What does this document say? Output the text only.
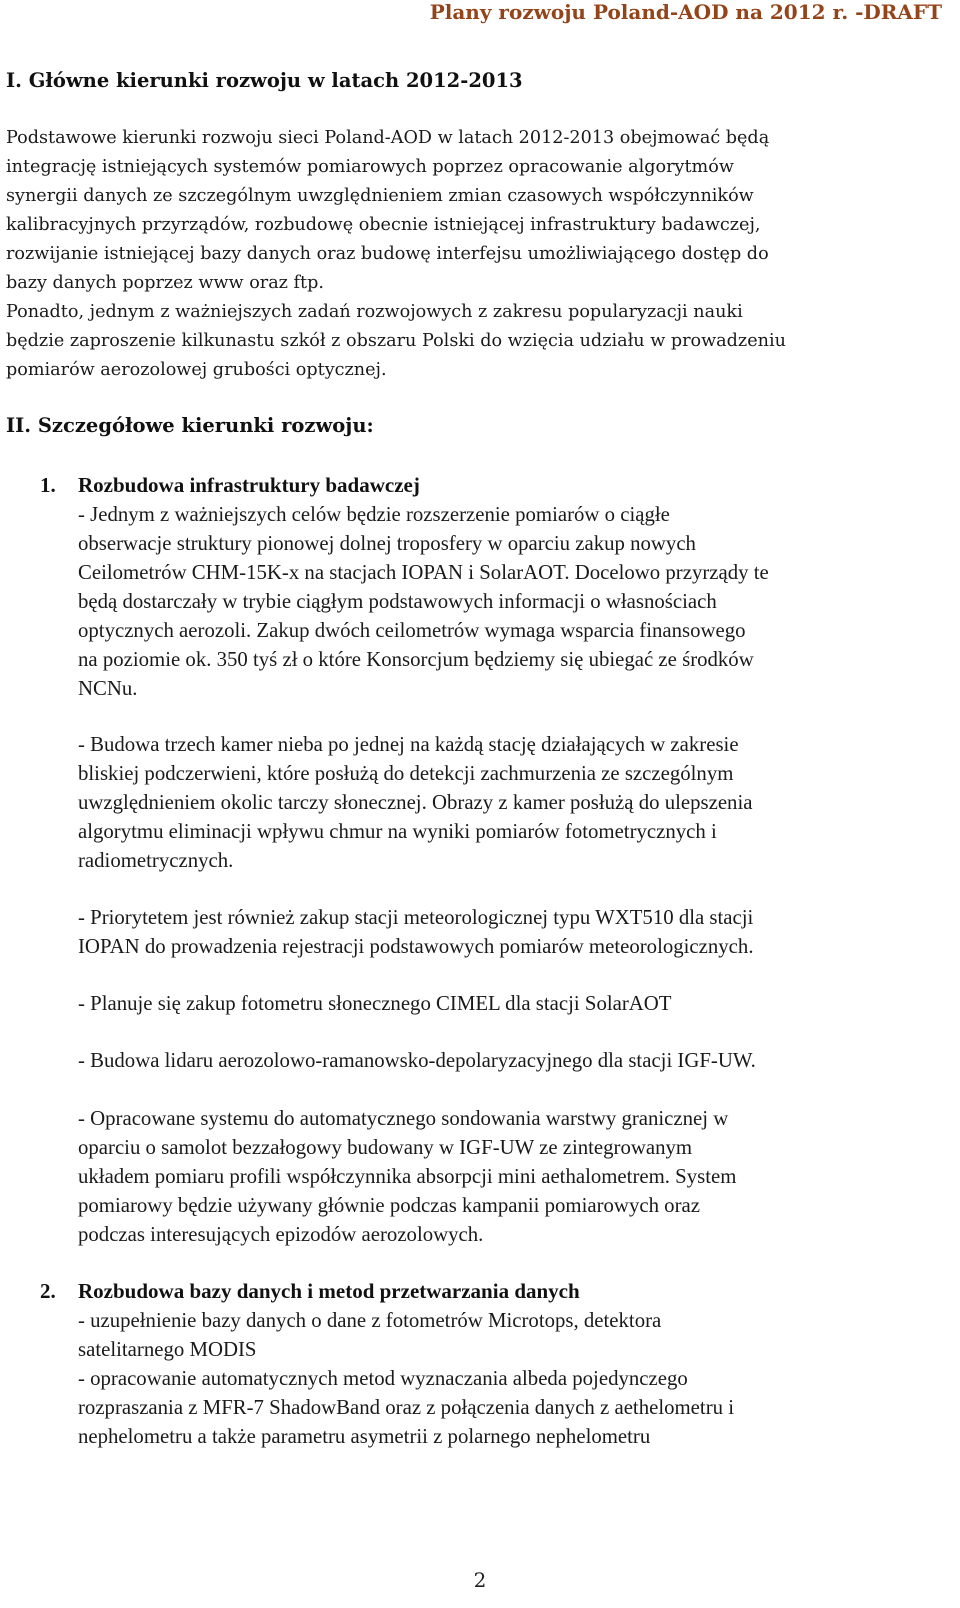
Plany rozwoju Poland-AOD na 2012 r. -DRAFT
I. Główne kierunki rozwoju w latach 2012-2013
Podstawowe kierunki rozwoju sieci Poland-AOD w latach 2012-2013 obejmować będą
integrację istniejących systemów pomiarowych poprzez opracowanie algorytmów
synergii danych ze szczególnym uwzględnieniem zmian czasowych współczynników
kalibracyjnych przyrządów, rozbudowę obecnie istniejącej infrastruktury badawczej,
rozwijanie istniejącej bazy danych oraz budowę interfejsu umożliwiającego dostęp do
bazy danych poprzez www oraz ftp.
Ponadto, jednym z ważniejszych zadań rozwojowych z zakresu popularyzacji nauki
będzie zaproszenie kilkunastu szkół z obszaru Polski do wzięcia udziału w prowadzeniu
pomiarów aerozolowej grubości optycznej.
II. Szczegółowe kierunki rozwoju:
1. Rozbudowa infrastruktury badawczej
- Jednym z ważniejszych celów będzie rozszerzenie pomiarów o ciągłe
obserwacje struktury pionowej dolnej troposfery w oparciu zakup nowych
Ceilometrów CHM-15K-x na stacjach IOPAN i SolarAOT. Docelowo przyrządy te
będą dostarczały w trybie ciągłym podstawowych informacji o własnościach
optycznych aerozoli. Zakup dwóch ceilometrów wymaga wsparcia finansowego
na poziomie ok. 350 tyś zł o które Konsorcjum będziemy się ubiegać ze środków
NCNu.
- Budowa trzech kamer nieba po jednej na każdą stację działających w zakresie
bliskiej podczerwieni, które posłużą do detekcji zachmurzenia ze szczególnym
uwzględnieniem okolic tarczy słonecznej. Obrazy z kamer posłużą do ulepszenia
algorytmu eliminacji wpływu chmur na wyniki pomiarów fotometrycznych i
radiometrycznych.
- Priorytetem jest również zakup stacji meteorologicznej typu WXT510 dla stacji
IOPAN do prowadzenia rejestracji podstawowych pomiarów meteorologicznych.
- Planuje się zakup fotometru słonecznego CIMEL dla stacji SolarAOT
- Budowa lidaru aerozolowo-ramanowsko-depolaryzacyjnego dla stacji IGF-UW.
- Opracowane systemu do automatycznego sondowania warstwy granicznej w
oparciu o samolot bezzałogowy budowany w IGF-UW ze zintegrowanym
układem pomiaru profili współczynnika absorpcji mini aethalometrem. System
pomiarowy będzie używany głównie podczas kampanii pomiarowych oraz
podczas interesujących epizodów aerozolowych.
2. Rozbudowa bazy danych i metod przetwarzania danych
- uzupełnienie bazy danych o dane z fotometrów Microtops, detektora
satelitarnego MODIS
- opracowanie automatycznych metod wyznaczania albeda pojedynczego
rozpraszania z MFR-7 ShadowBand oraz z połączenia danych z aethelometru i
nephelometru a także parametru asymetrii z polarnego nephelometru
2
